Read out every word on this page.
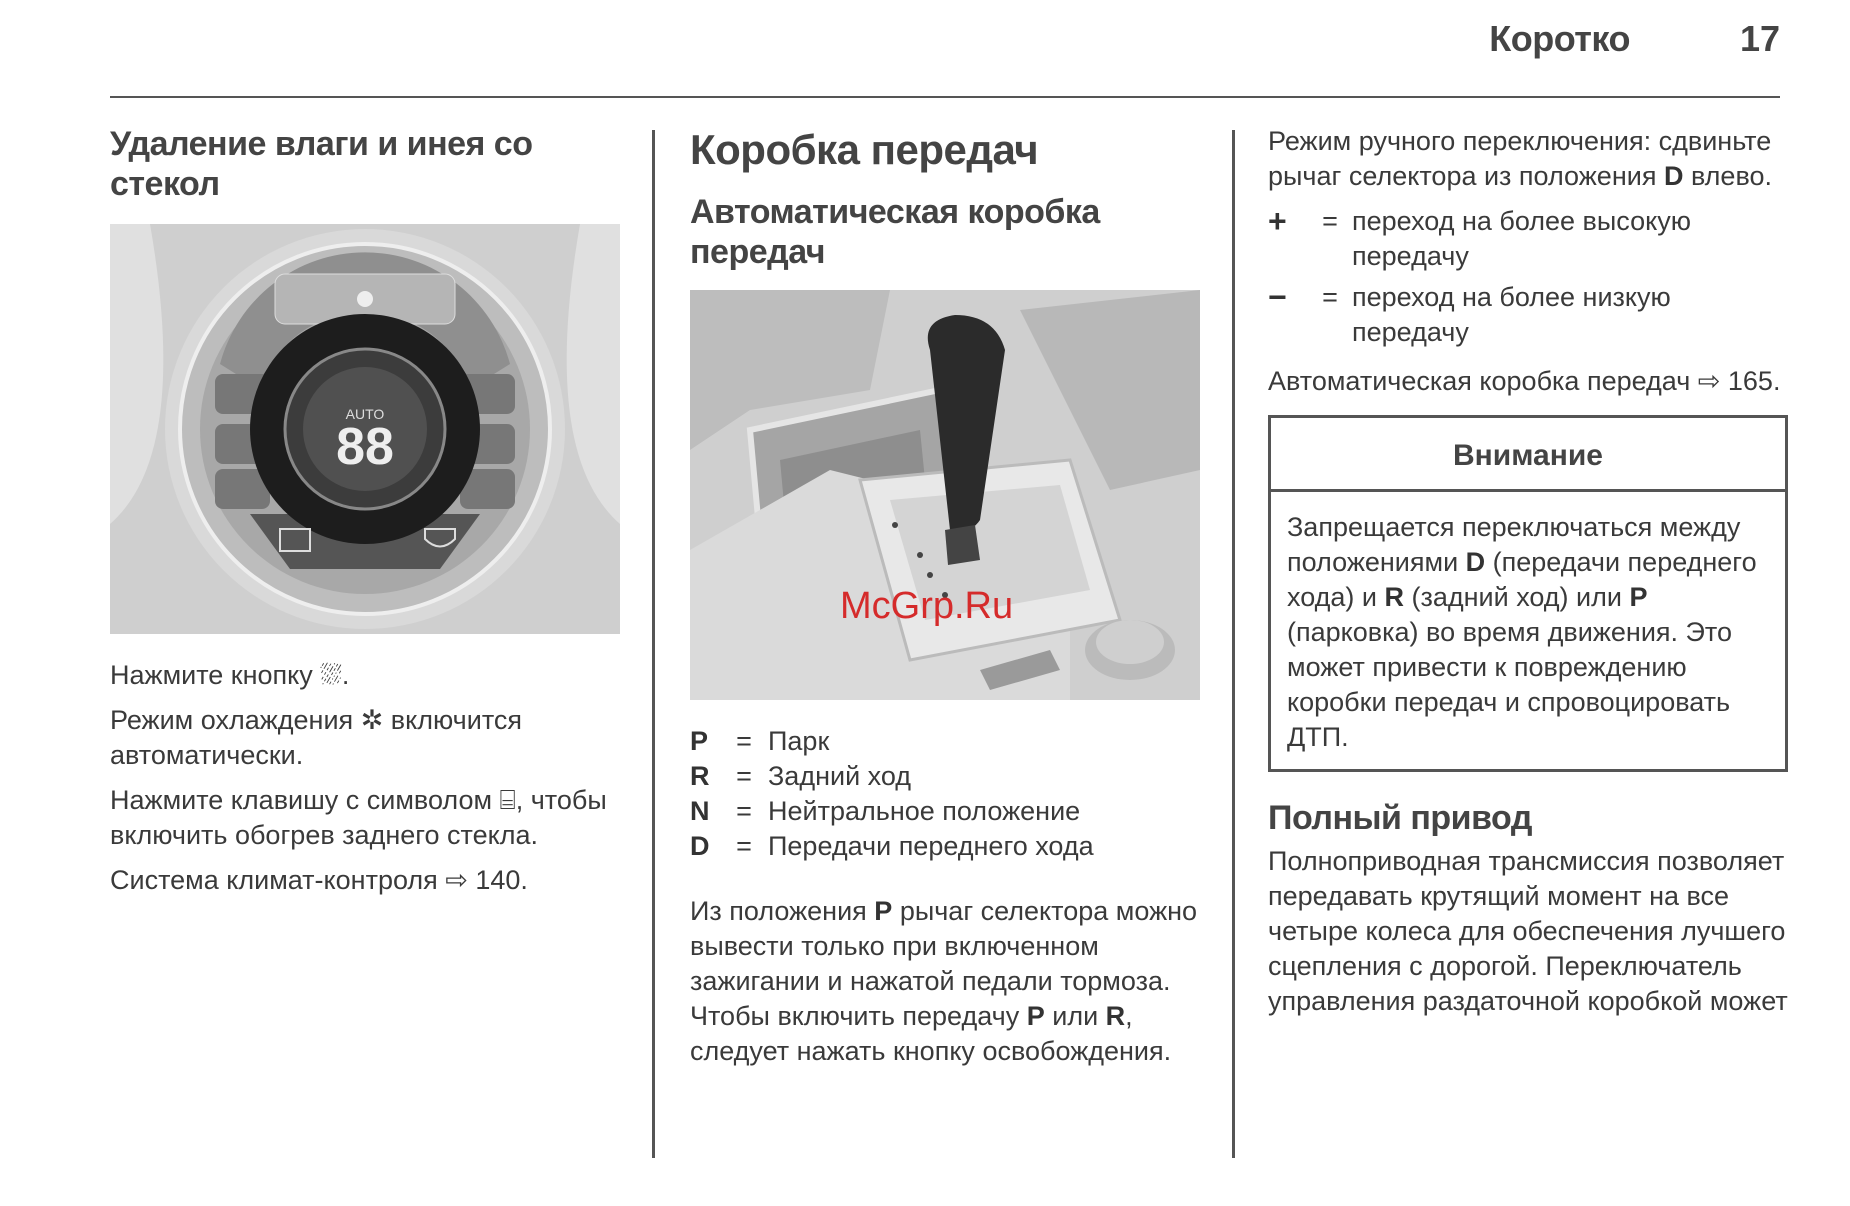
Коротко	17
Удаление влаги и инея со стекол
AUTO
88

Нажмите кнопку ⛆.

Режим охлаждения ✲ включится автоматически.

Нажмите клавишу с символом ⌸, чтобы включить обогрев заднего стекла.

Система климат-контроля ⇨ 140.

Коробка передач
Автоматическая коробка передач
P	= Парк
R = Задний ход
N = Нейтральное положение
D = Передачи переднего хода

Из положения P рычаг селектора можно вывести только при включенном зажигании и нажатой педали тормоза. Чтобы включить передачу P или R, следует нажать кнопку освобождения.

Режим ручного переключения: сдвиньте рычаг селектора из положения D влево.

+	= переход на более высокую передачу
−	= переход на более низкую передачу

Автоматическая коробка передач ⇨ 165.

Внимание
Запрещается переключаться между положениями D (передачи переднего хода) и R (задний ход) или P (парковка) во время движения. Это может привести к повреждению коробки передач и спровоцировать ДТП.
Полный привод

Полноприводная трансмиссия позволяет передавать крутящий момент на все четыре колеса для обеспечения лучшего сцепления с дорогой. Переключатель управления раздаточной коробкой может

McGrp.Ru
